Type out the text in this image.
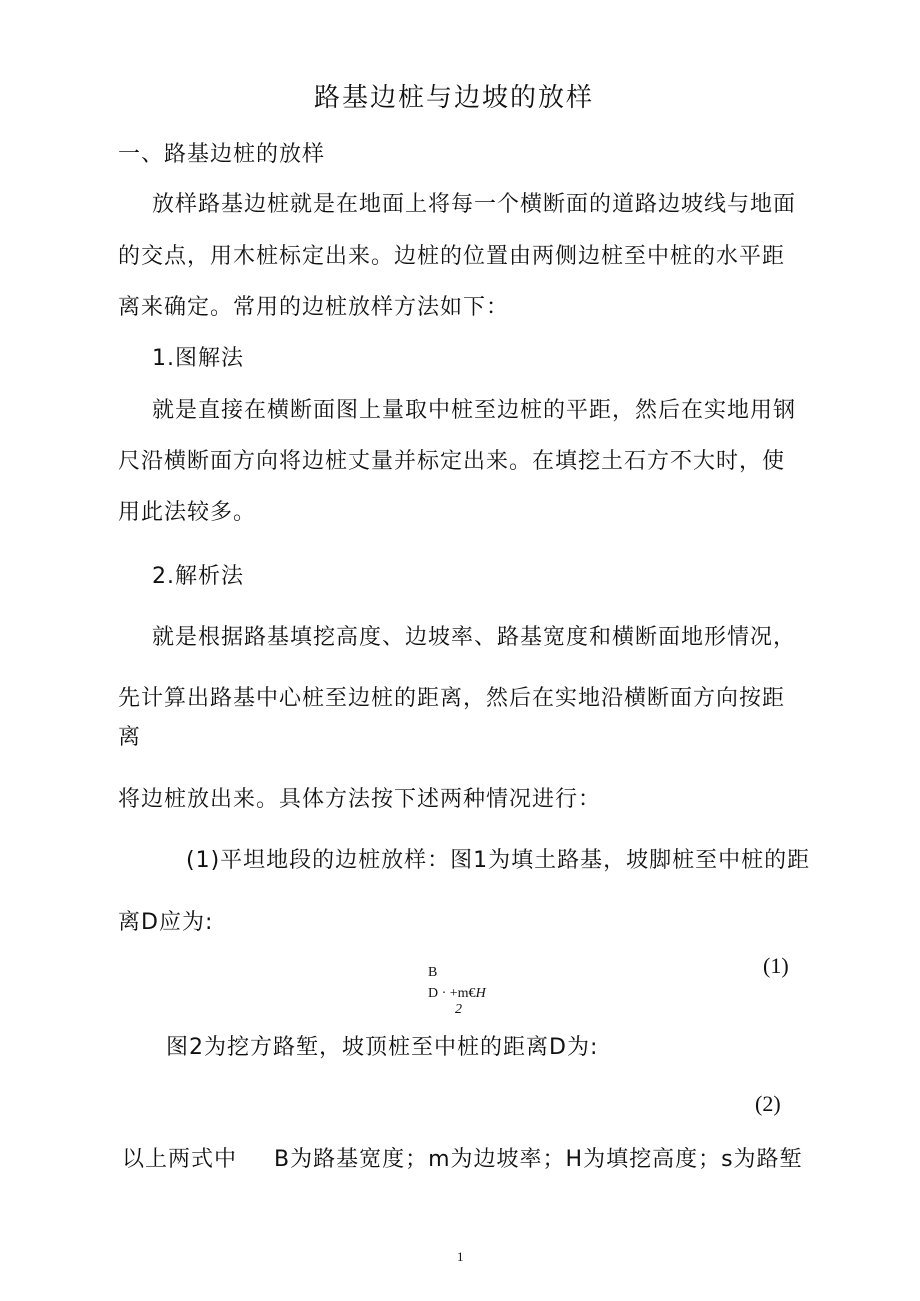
路基边桩与边坡的放样
一、路基边桩的放样
放样路基边桩就是在地面上将每一个横断面的道路边坡线与地面
的交点，用木桩标定出来。边桩的位置由两侧边桩至中桩的水平距
离来确定。常用的边桩放样方法如下：
1.图解法
就是直接在横断面图上量取中桩至边桩的平距，然后在实地用钢
尺沿横断面方向将边桩丈量并标定出来。在填挖土石方不大时，使
用此法较多。
2.解析法
就是根据路基填挖高度、边坡率、路基宽度和横断面地形情况，
先计算出路基中心桩至边桩的距离，然后在实地沿横断面方向按距
离
将边桩放出来。具体方法按下述两种情况进行：
(1)平坦地段的边桩放样：图1为填土路基，坡脚桩至中桩的距
离D应为:
B
D · +m€H
2
(1)
图2为挖方路堑，坡顶桩至中桩的距离D为:
(2)
以上两式中 B为路基宽度；m为边坡率；H为填挖高度；s为路堑
1
